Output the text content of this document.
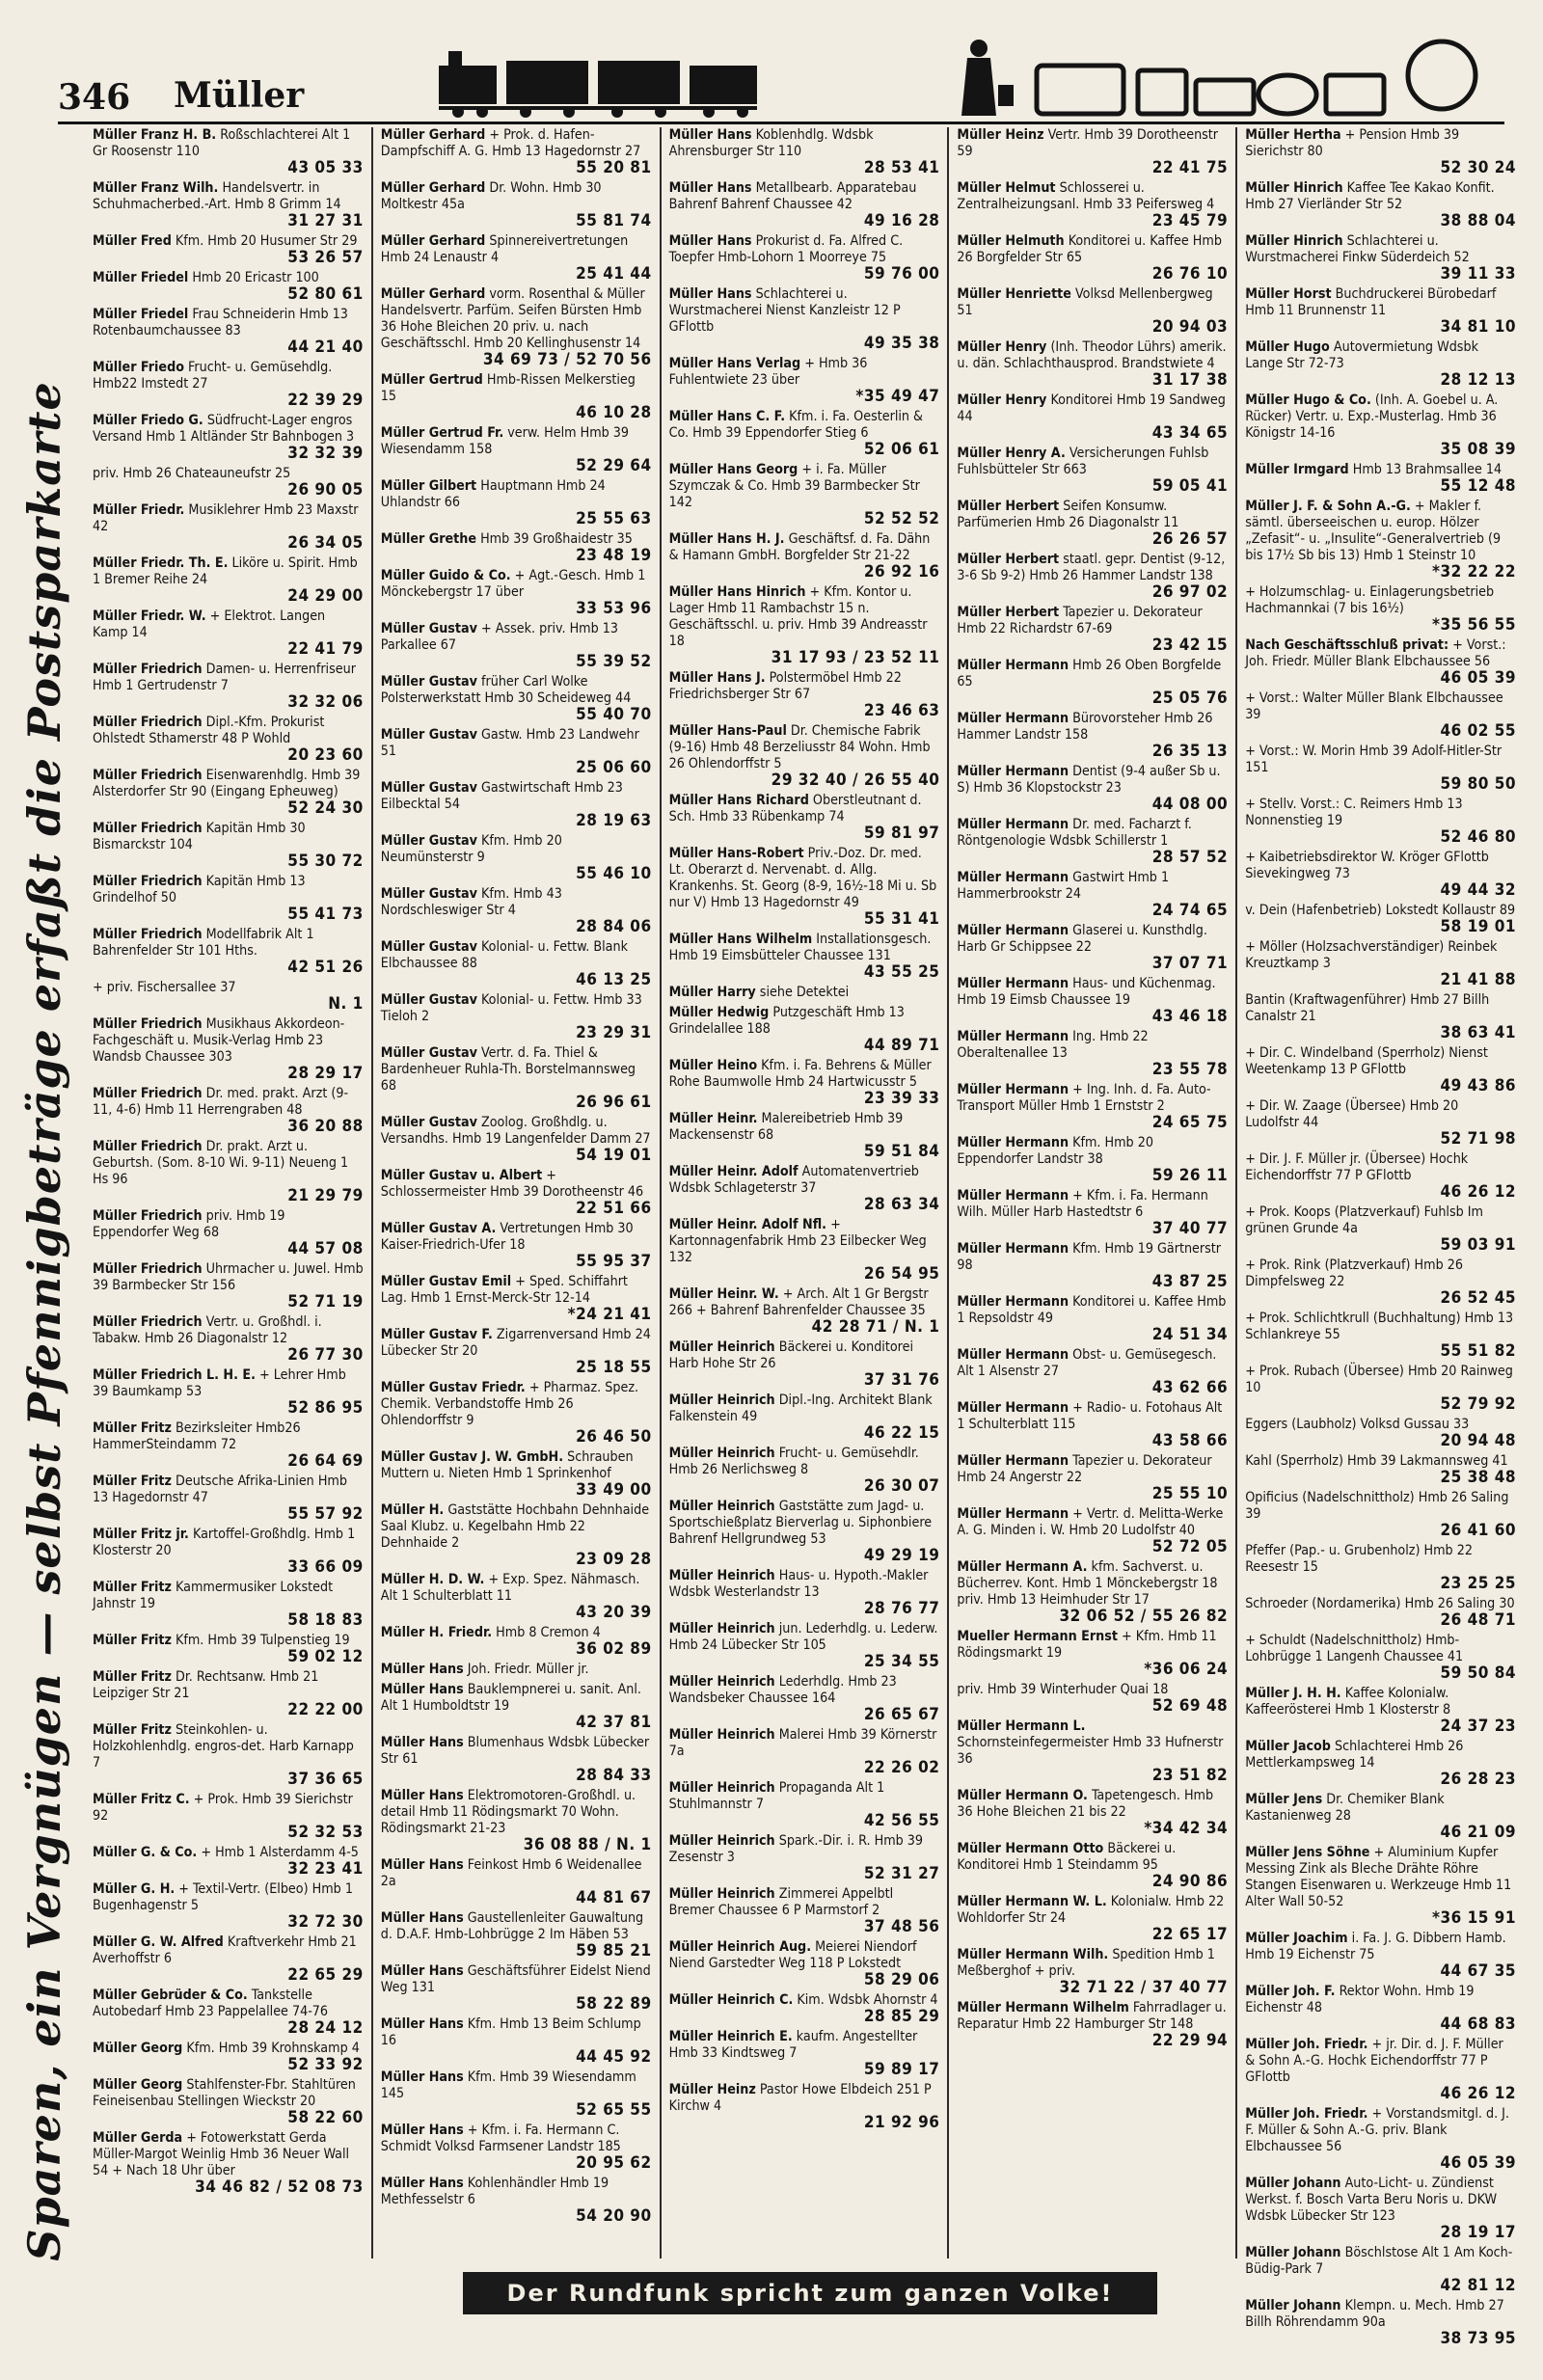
346 Müller
Sparen, ein Vergnügen — selbst Pfennigbeträge erfaßt die Postsparkarte
Müller Franz H. B. Roßschlachterei Alt 1 Gr Roosenstr 110
43 05 33
Müller Franz Wilh. Handelsvertr. in Schuhmacherbed.-Art. Hmb 8 Grimm 14
31 27 31
Müller Fred Kfm. Hmb 20 Husumer Str 29
53 26 57
Müller Friedel Hmb 20 Ericastr 100
52 80 61
Müller Friedel Frau Schneiderin Hmb 13 Rotenbaumchaussee 83
44 21 40
Müller Friedo Frucht- u. Gemüsehdlg. Hmb22 Imstedt 27
22 39 29
Müller Friedo G. Südfrucht-Lager engros Versand Hmb 1 Altländer Str Bahnbogen 3
32 32 39
priv. Hmb 26 Chateauneufstr 25
26 90 05
Müller Friedr. Musiklehrer Hmb 23 Maxstr 42
26 34 05
Müller Friedr. Th. E. Liköre u. Spirit. Hmb 1 Bremer Reihe 24
24 29 00
Müller Friedr. W. + Elektrot. Langen Kamp 14
22 41 79
Müller Friedrich Damen- u. Herrenfriseur Hmb 1 Gertrudenstr 7
32 32 06
Müller Friedrich Dipl.-Kfm. Prokurist Ohlstedt Sthamerstr 48 P Wohld
20 23 60
Müller Friedrich Eisenwarenhdlg. Hmb 39 Alsterdorfer Str 90 (Eingang Epheuweg)
52 24 30
Müller Friedrich Kapitän Hmb 30 Bismarckstr 104
55 30 72
Müller Friedrich Kapitän Hmb 13 Grindelhof 50
55 41 73
Müller Friedrich Modellfabrik Alt 1 Bahrenfelder Str 101 Hths.
42 51 26
+ priv. Fischersallee 37
N. 1
Müller Friedrich Musikhaus Akkordeon-Fachgeschäft u. Musik-Verlag Hmb 23 Wandsb Chaussee 303
28 29 17
Müller Friedrich Dr. med. prakt. Arzt (9-11, 4-6) Hmb 11 Herrengraben 48
36 20 88
Müller Friedrich Dr. prakt. Arzt u. Geburtsh. (Som. 8-10 Wi. 9-11) Neueng 1 Hs 96
21 29 79
Müller Friedrich priv. Hmb 19 Eppendorfer Weg 68
44 57 08
Müller Friedrich Uhrmacher u. Juwel. Hmb 39 Barmbecker Str 156
52 71 19
Müller Friedrich Vertr. u. Großhdl. i. Tabakw. Hmb 26 Diagonalstr 12
26 77 30
Müller Friedrich L. H. E. + Lehrer Hmb 39 Baumkamp 53
52 86 95
Müller Fritz Bezirksleiter Hmb26 HammerSteindamm 72
26 64 69
Müller Fritz Deutsche Afrika-Linien Hmb 13 Hagedornstr 47
55 57 92
Müller Fritz jr. Kartoffel-Großhdlg. Hmb 1 Klosterstr 20
33 66 09
Müller Fritz Kammermusiker Lokstedt Jahnstr 19
58 18 83
Müller Fritz Kfm. Hmb 39 Tulpenstieg 19
59 02 12
Müller Fritz Dr. Rechtsanw. Hmb 21 Leipziger Str 21
22 22 00
Müller Fritz Steinkohlen- u. Holzkohlenhdlg. engros-det. Harb Karnapp 7
37 36 65
Müller Fritz C. + Prok. Hmb 39 Sierichstr 92
52 32 53
Müller G. & Co. + Hmb 1 Alsterdamm 4-5
32 23 41
Müller G. H. + Textil-Vertr. (Elbeo) Hmb 1 Bugenhagenstr 5
32 72 30
Müller G. W. Alfred Kraftverkehr Hmb 21 Averhoffstr 6
22 65 29
Müller Gebrüder & Co. Tankstelle Autobedarf Hmb 23 Pappelallee 74-76
28 24 12
Müller Georg Kfm. Hmb 39 Krohnskamp 4
52 33 92
Müller Georg Stahlfenster-Fbr. Stahltüren Feineisenbau Stellingen Wieckstr 20
58 22 60
Müller Gerda + Fotowerkstatt Gerda Müller-Margot Weinlig Hmb 36 Neuer Wall 54 + Nach 18 Uhr über
34 46 82 / 52 08 73
Müller Gerhard + Prok. d. Hafen-Dampfschiff A. G. Hmb 13 Hagedornstr 27
55 20 81
Müller Gerhard Dr. Wohn. Hmb 30 Moltkestr 45a
55 81 74
Müller Gerhard Spinnereivertretungen Hmb 24 Lenaustr 4
25 41 44
Müller Gerhard vorm. Rosenthal & Müller Handelsvertr. Parfüm. Seifen Bürsten Hmb 36 Hohe Bleichen 20 priv. u. nach Geschäftsschl. Hmb 20 Kellinghusenstr 14
34 69 73 / 52 70 56
Müller Gertrud Hmb-Rissen Melkerstieg 15
46 10 28
Müller Gertrud Fr. verw. Helm Hmb 39 Wiesendamm 158
52 29 64
Müller Gilbert Hauptmann Hmb 24 Uhlandstr 66
25 55 63
Müller Grethe Hmb 39 Großhaidestr 35
23 48 19
Müller Guido & Co. + Agt.-Gesch. Hmb 1 Mönckebergstr 17 über
33 53 96
Müller Gustav + Assek. priv. Hmb 13 Parkallee 67
55 39 52
Müller Gustav früher Carl Wolke Polsterwerkstatt Hmb 30 Scheideweg 44
55 40 70
Müller Gustav Gastw. Hmb 23 Landwehr 51
25 06 60
Müller Gustav Gastwirtschaft Hmb 23 Eilbecktal 54
28 19 63
Müller Gustav Kfm. Hmb 20 Neumünsterstr 9
55 46 10
Müller Gustav Kfm. Hmb 43 Nordschleswiger Str 4
28 84 06
Müller Gustav Kolonial- u. Fettw. Blank Elbchaussee 88
46 13 25
Müller Gustav Kolonial- u. Fettw. Hmb 33 Tieloh 2
23 29 31
Müller Gustav Vertr. d. Fa. Thiel & Bardenheuer Ruhla-Th. Borstelmannsweg 68
26 96 61
Müller Gustav Zoolog. Großhdlg. u. Versandhs. Hmb 19 Langenfelder Damm 27
54 19 01
Müller Gustav u. Albert + Schlossermeister Hmb 39 Dorotheenstr 46
22 51 66
Müller Gustav A. Vertretungen Hmb 30 Kaiser-Friedrich-Ufer 18
55 95 37
Müller Gustav Emil + Sped. Schiffahrt Lag. Hmb 1 Ernst-Merck-Str 12-14
*24 21 41
Müller Gustav F. Zigarrenversand Hmb 24 Lübecker Str 20
25 18 55
Müller Gustav Friedr. + Pharmaz. Spez. Chemik. Verbandstoffe Hmb 26 Ohlendorffstr 9
26 46 50
Müller Gustav J. W. GmbH. Schrauben Muttern u. Nieten Hmb 1 Sprinkenhof
33 49 00
Müller H. Gaststätte Hochbahn Dehnhaide Saal Klubz. u. Kegelbahn Hmb 22 Dehnhaide 2
23 09 28
Müller H. D. W. + Exp. Spez. Nähmasch. Alt 1 Schulterblatt 11
43 20 39
Müller H. Friedr. Hmb 8 Cremon 4
36 02 89
Müller Hans Joh. Friedr. Müller jr.
Müller Hans Bauklempnerei u. sanit. Anl. Alt 1 Humboldtstr 19
42 37 81
Müller Hans Blumenhaus Wdsbk Lübecker Str 61
28 84 33
Müller Hans Elektromotoren-Großhdl. u. detail Hmb 11 Rödingsmarkt 70 Wohn. Rödingsmarkt 21-23
36 08 88 / N. 1
Müller Hans Feinkost Hmb 6 Weidenallee 2a
44 81 67
Müller Hans Gaustellenleiter Gauwaltung d. D.A.F. Hmb-Lohbrügge 2 Im Häben 53
59 85 21
Müller Hans Geschäftsführer Eidelst Niend Weg 131
58 22 89
Müller Hans Kfm. Hmb 13 Beim Schlump 16
44 45 92
Müller Hans Kfm. Hmb 39 Wiesendamm 145
52 65 55
Müller Hans + Kfm. i. Fa. Hermann C. Schmidt Volksd Farmsener Landstr 185
20 95 62
Müller Hans Kohlenhändler Hmb 19 Methfesselstr 6
54 20 90
Müller Hans Koblenhdlg. Wdsbk Ahrensburger Str 110
28 53 41
Müller Hans Metallbearb. Apparatebau Bahrenf Bahrenf Chaussee 42
49 16 28
Müller Hans Prokurist d. Fa. Alfred C. Toepfer Hmb-Lohorn 1 Moorreye 75
59 76 00
Müller Hans Schlachterei u. Wurstmacherei Nienst Kanzleistr 12 P GFlottb
49 35 38
Müller Hans Verlag + Hmb 36 Fuhlentwiete 23 über
*35 49 47
Müller Hans C. F. Kfm. i. Fa. Oesterlin & Co. Hmb 39 Eppendorfer Stieg 6
52 06 61
Müller Hans Georg + i. Fa. Müller Szymczak & Co. Hmb 39 Barmbecker Str 142
52 52 52
Müller Hans H. J. Geschäftsf. d. Fa. Dähn & Hamann GmbH. Borgfelder Str 21-22
26 92 16
Müller Hans Hinrich + Kfm. Kontor u. Lager Hmb 11 Rambachstr 15 n. Geschäftsschl. u. priv. Hmb 39 Andreasstr 18
31 17 93 / 23 52 11
Müller Hans J. Polstermöbel Hmb 22 Friedrichsberger Str 67
23 46 63
Müller Hans-Paul Dr. Chemische Fabrik (9-16) Hmb 48 Berzeliusstr 84 Wohn. Hmb 26 Ohlendorffstr 5
29 32 40 / 26 55 40
Müller Hans Richard Oberstleutnant d. Sch. Hmb 33 Rübenkamp 74
59 81 97
Müller Hans-Robert Priv.-Doz. Dr. med. Lt. Oberarzt d. Nervenabt. d. Allg. Krankenhs. St. Georg (8-9, 16½-18 Mi u. Sb nur V) Hmb 13 Hagedornstr 49
55 31 41
Müller Hans Wilhelm Installationsgesch. Hmb 19 Eimsbütteler Chaussee 131
43 55 25
Müller Harry siehe Detektei
Müller Hedwig Putzgeschäft Hmb 13 Grindelallee 188
44 89 71
Müller Heino Kfm. i. Fa. Behrens & Müller Rohe Baumwolle Hmb 24 Hartwicusstr 5
23 39 33
Müller Heinr. Malereibetrieb Hmb 39 Mackensenstr 68
59 51 84
Müller Heinr. Adolf Automatenvertrieb Wdsbk Schlageterstr 37
28 63 34
Müller Heinr. Adolf Nfl. + Kartonnagenfabrik Hmb 23 Eilbecker Weg 132
26 54 95
Müller Heinr. W. + Arch. Alt 1 Gr Bergstr 266 + Bahrenf Bahrenfelder Chaussee 35
42 28 71 / N. 1
Müller Heinrich Bäckerei u. Konditorei Harb Hohe Str 26
37 31 76
Müller Heinrich Dipl.-Ing. Architekt Blank Falkenstein 49
46 22 15
Müller Heinrich Frucht- u. Gemüsehdlr. Hmb 26 Nerlichsweg 8
26 30 07
Müller Heinrich Gaststätte zum Jagd- u. Sportschießplatz Bierverlag u. Siphonbiere Bahrenf Hellgrundweg 53
49 29 19
Müller Heinrich Haus- u. Hypoth.-Makler Wdsbk Westerlandstr 13
28 76 77
Müller Heinrich jun. Lederhdlg. u. Lederw. Hmb 24 Lübecker Str 105
25 34 55
Müller Heinrich Lederhdlg. Hmb 23 Wandsbeker Chaussee 164
26 65 67
Müller Heinrich Malerei Hmb 39 Körnerstr 7a
22 26 02
Müller Heinrich Propaganda Alt 1 Stuhlmannstr 7
42 56 55
Müller Heinrich Spark.-Dir. i. R. Hmb 39 Zesenstr 3
52 31 27
Müller Heinrich Zimmerei Appelbtl Bremer Chaussee 6 P Marmstorf 2
37 48 56
Müller Heinrich Aug. Meierei Niendorf Niend Garstedter Weg 118 P Lokstedt
58 29 06
Müller Heinrich C. Kim. Wdsbk Ahornstr 4
28 85 29
Müller Heinrich E. kaufm. Angestellter Hmb 33 Kindtsweg 7
59 89 17
Müller Heinz Pastor Howe Elbdeich 251 P Kirchw 4
21 92 96
Müller Heinz Vertr. Hmb 39 Dorotheenstr 59
22 41 75
Müller Helmut Schlosserei u. Zentralheizungsanl. Hmb 33 Peifersweg 4
23 45 79
Müller Helmuth Konditorei u. Kaffee Hmb 26 Borgfelder Str 65
26 76 10
Müller Henriette Volksd Mellenbergweg 51
20 94 03
Müller Henry (Inh. Theodor Lührs) amerik. u. dän. Schlachthausprod. Brandstwiete 4
31 17 38
Müller Henry Konditorei Hmb 19 Sandweg 44
43 34 65
Müller Henry A. Versicherungen Fuhlsb Fuhlsbütteler Str 663
59 05 41
Müller Herbert Seifen Konsumw. Parfümerien Hmb 26 Diagonalstr 11
26 26 57
Müller Herbert staatl. gepr. Dentist (9-12, 3-6 Sb 9-2) Hmb 26 Hammer Landstr 138
26 97 02
Müller Herbert Tapezier u. Dekorateur Hmb 22 Richardstr 67-69
23 42 15
Müller Hermann Hmb 26 Oben Borgfelde 65
25 05 76
Müller Hermann Bürovorsteher Hmb 26 Hammer Landstr 158
26 35 13
Müller Hermann Dentist (9-4 außer Sb u. S) Hmb 36 Klopstockstr 23
44 08 00
Müller Hermann Dr. med. Facharzt f. Röntgenologie Wdsbk Schillerstr 1
28 57 52
Müller Hermann Gastwirt Hmb 1 Hammerbrookstr 24
24 74 65
Müller Hermann Glaserei u. Kunsthdlg. Harb Gr Schippsee 22
37 07 71
Müller Hermann Haus- und Küchenmag. Hmb 19 Eimsb Chaussee 19
43 46 18
Müller Hermann Ing. Hmb 22 Oberaltenallee 13
23 55 78
Müller Hermann + Ing. Inh. d. Fa. Auto-Transport Müller Hmb 1 Ernststr 2
24 65 75
Müller Hermann Kfm. Hmb 20 Eppendorfer Landstr 38
59 26 11
Müller Hermann + Kfm. i. Fa. Hermann Wilh. Müller Harb Hastedtstr 6
37 40 77
Müller Hermann Kfm. Hmb 19 Gärtnerstr 98
43 87 25
Müller Hermann Konditorei u. Kaffee Hmb 1 Repsoldstr 49
24 51 34
Müller Hermann Obst- u. Gemüsegesch. Alt 1 Alsenstr 27
43 62 66
Müller Hermann + Radio- u. Fotohaus Alt 1 Schulterblatt 115
43 58 66
Müller Hermann Tapezier u. Dekorateur Hmb 24 Angerstr 22
25 55 10
Müller Hermann + Vertr. d. Melitta-Werke A. G. Minden i. W. Hmb 20 Ludolfstr 40
52 72 05
Müller Hermann A. kfm. Sachverst. u. Bücherrev. Kont. Hmb 1 Mönckebergstr 18 priv. Hmb 13 Heimhuder Str 17
32 06 52 / 55 26 82
Mueller Hermann Ernst + Kfm. Hmb 11 Rödingsmarkt 19
*36 06 24
priv. Hmb 39 Winterhuder Quai 18
52 69 48
Müller Hermann L. Schornsteinfegermeister Hmb 33 Hufnerstr 36
23 51 82
Müller Hermann O. Tapetengesch. Hmb 36 Hohe Bleichen 21 bis 22
*34 42 34
Müller Hermann Otto Bäckerei u. Konditorei Hmb 1 Steindamm 95
24 90 86
Müller Hermann W. L. Kolonialw. Hmb 22 Wohldorfer Str 24
22 65 17
Müller Hermann Wilh. Spedition Hmb 1 Meßberghof + priv.
32 71 22 / 37 40 77
Müller Hermann Wilhelm Fahrradlager u. Reparatur Hmb 22 Hamburger Str 148
22 29 94
Müller Hertha + Pension Hmb 39 Sierichstr 80
52 30 24
Müller Hinrich Kaffee Tee Kakao Konfit. Hmb 27 Vierländer Str 52
38 88 04
Müller Hinrich Schlachterei u. Wurstmacherei Finkw Süderdeich 52
39 11 33
Müller Horst Buchdruckerei Bürobedarf Hmb 11 Brunnenstr 11
34 81 10
Müller Hugo Autovermietung Wdsbk Lange Str 72-73
28 12 13
Müller Hugo & Co. (Inh. A. Goebel u. A. Rücker) Vertr. u. Exp.-Musterlag. Hmb 36 Königstr 14-16
35 08 39
Müller Irmgard Hmb 13 Brahmsallee 14
55 12 48
Müller J. F. & Sohn A.-G. + Makler f. sämtl. überseeischen u. europ. Hölzer „Zefasit“- u. „Insulite“-Generalvertrieb (9 bis 17½ Sb bis 13) Hmb 1 Steinstr 10
*32 22 22
+ Holzumschlag- u. Einlagerungsbetrieb Hachmannkai (7 bis 16½)
*35 56 55
Nach Geschäftsschluß privat: + Vorst.: Joh. Friedr. Müller Blank Elbchaussee 56
46 05 39
+ Vorst.: Walter Müller Blank Elbchaussee 39
46 02 55
+ Vorst.: W. Morin Hmb 39 Adolf-Hitler-Str 151
59 80 50
+ Stellv. Vorst.: C. Reimers Hmb 13 Nonnenstieg 19
52 46 80
+ Kaibetriebsdirektor W. Kröger GFlottb Sievekingweg 73
49 44 32
v. Dein (Hafenbetrieb) Lokstedt Kollaustr 89
58 19 01
+ Möller (Holzsachverständiger) Reinbek Kreuztkamp 3
21 41 88
Bantin (Kraftwagenführer) Hmb 27 Billh Canalstr 21
38 63 41
+ Dir. C. Windelband (Sperrholz) Nienst Weetenkamp 13 P GFlottb
49 43 86
+ Dir. W. Zaage (Übersee) Hmb 20 Ludolfstr 44
52 71 98
+ Dir. J. F. Müller jr. (Übersee) Hochk Eichendorffstr 77 P GFlottb
46 26 12
+ Prok. Koops (Platzverkauf) Fuhlsb Im grünen Grunde 4a
59 03 91
+ Prok. Rink (Platzverkauf) Hmb 26 Dimpfelsweg 22
26 52 45
+ Prok. Schlichtkrull (Buchhaltung) Hmb 13 Schlankreye 55
55 51 82
+ Prok. Rubach (Übersee) Hmb 20 Rainweg 10
52 79 92
Eggers (Laubholz) Volksd Gussau 33
20 94 48
Kahl (Sperrholz) Hmb 39 Lakmannsweg 41
25 38 48
Opificius (Nadelschnittholz) Hmb 26 Saling 39
26 41 60
Pfeffer (Pap.- u. Grubenholz) Hmb 22 Reesestr 15
23 25 25
Schroeder (Nordamerika) Hmb 26 Saling 30
26 48 71
+ Schuldt (Nadelschnittholz) Hmb-Lohbrügge 1 Langenh Chaussee 41
59 50 84
Müller J. H. H. Kaffee Kolonialw. Kaffeerösterei Hmb 1 Klosterstr 8
24 37 23
Müller Jacob Schlachterei Hmb 26 Mettlerkampsweg 14
26 28 23
Müller Jens Dr. Chemiker Blank Kastanienweg 28
46 21 09
Müller Jens Söhne + Aluminium Kupfer Messing Zink als Bleche Drähte Röhre Stangen Eisenwaren u. Werkzeuge Hmb 11 Alter Wall 50-52
*36 15 91
Müller Joachim i. Fa. J. G. Dibbern Hamb. Hmb 19 Eichenstr 75
44 67 35
Müller Joh. F. Rektor Wohn. Hmb 19 Eichenstr 48
44 68 83
Müller Joh. Friedr. + jr. Dir. d. J. F. Müller & Sohn A.-G. Hochk Eichendorffstr 77 P GFlottb
46 26 12
Müller Joh. Friedr. + Vorstandsmitgl. d. J. F. Müller & Sohn A.-G. priv. Blank Elbchaussee 56
46 05 39
Müller Johann Auto-Licht- u. Zündienst Werkst. f. Bosch Varta Beru Noris u. DKW Wdsbk Lübecker Str 123
28 19 17
Müller Johann Böschlstose Alt 1 Am Koch-Büdig-Park 7
42 81 12
Müller Johann Klempn. u. Mech. Hmb 27 Billh Röhrendamm 90a
38 73 95
Der Rundfunk spricht zum ganzen Volke!
